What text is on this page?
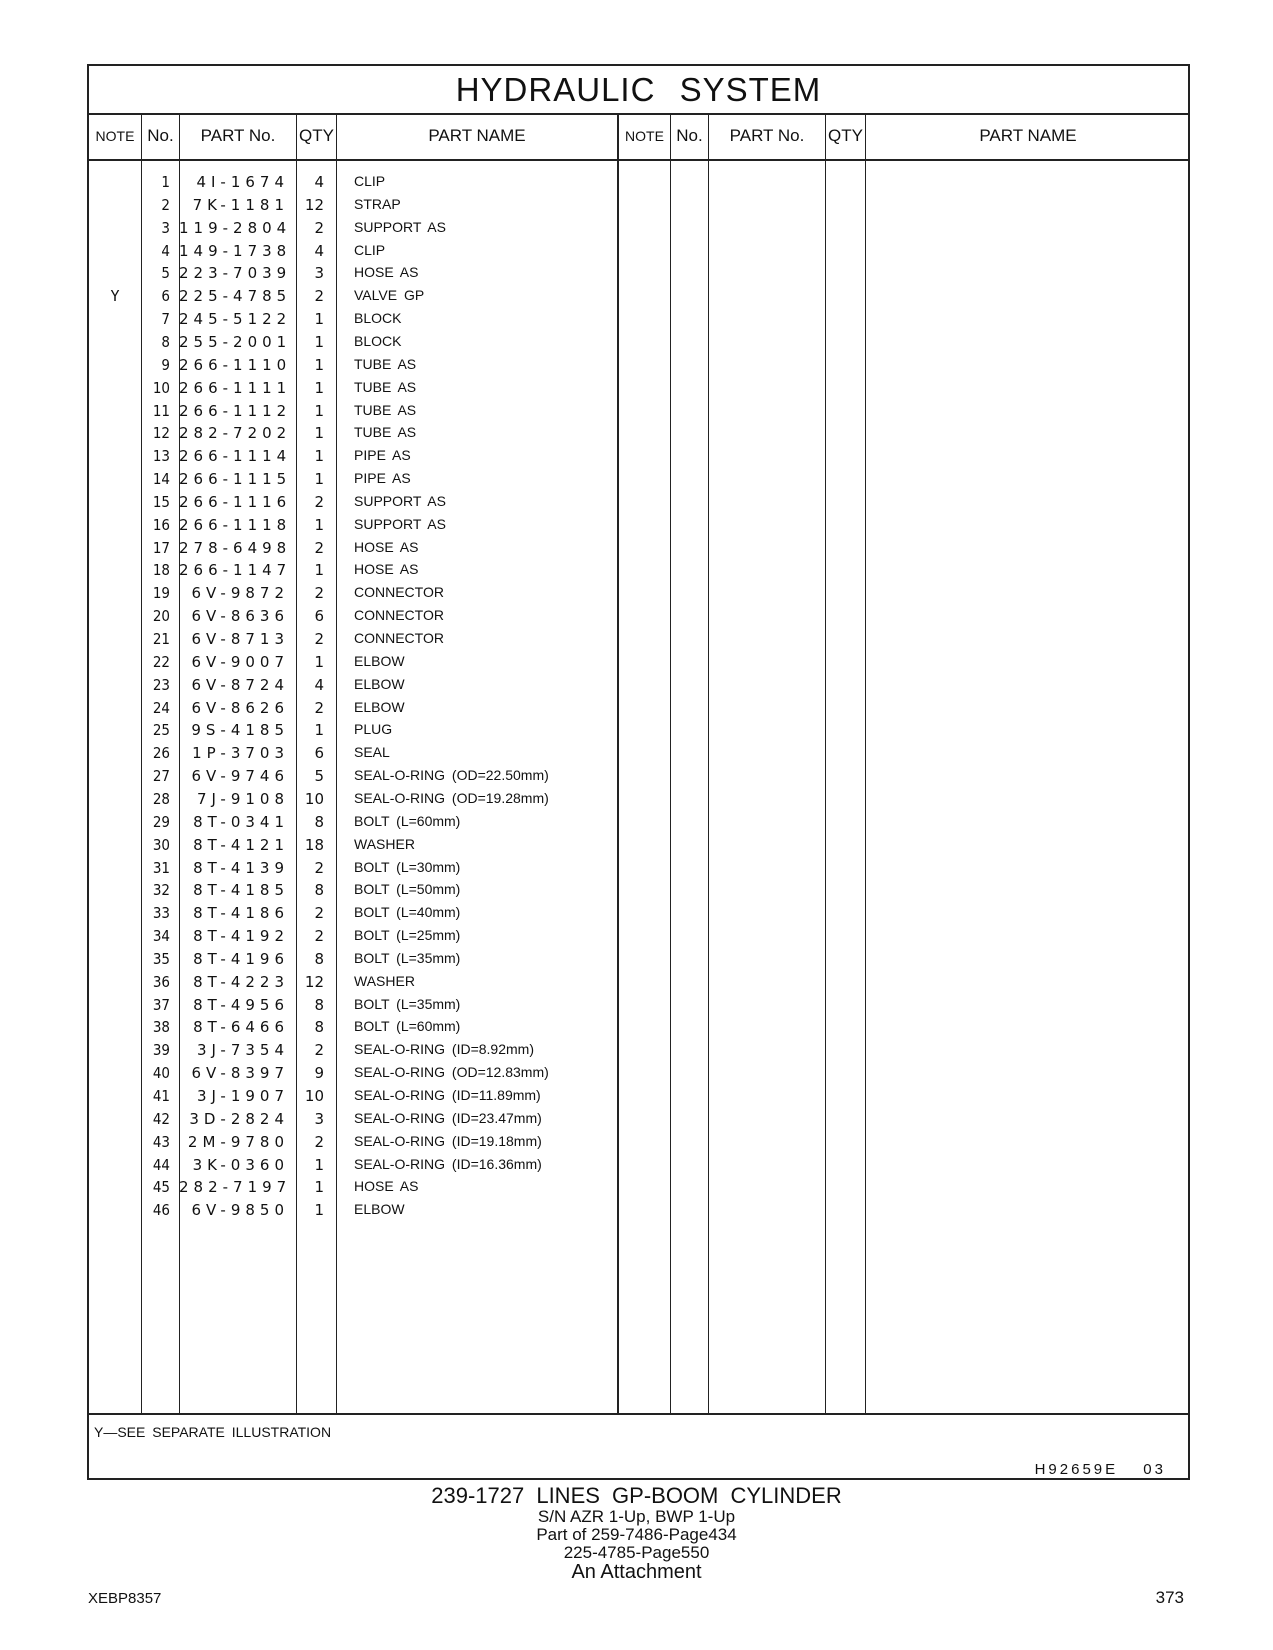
HYDRAULIC SYSTEM
NOTE No.	PART No.	QTY	PART NAME	NOTE No.	PART No.	QTY	PART NAME
1	4I-1674	4 CLIP
2	7K-1181	12 STRAP
3 119-2804	2 SUPPORT AS
4 149-1738	4 CLIP
5 223-7039	3 HOSE AS
Y	6 225-4785	2 VALVE GP
7 245-5122	1 BLOCK
8 255-2001	1 BLOCK
9 266-1110	1 TUBE AS
10 266-1111	1 TUBE AS
11 266-1112	1 TUBE AS
12 282-7202	1 TUBE AS
13 266-1114	1 PIPE AS
14 266-1115	1 PIPE AS
15 266-1116	2 SUPPORT AS
16 266-1118	1 SUPPORT AS
17 278-6498	2 HOSE AS
18 266-1147	1 HOSE AS
19	6V-9872	2 CONNECTOR
20	6V-8636	6 CONNECTOR
21	6V-8713	2 CONNECTOR
22	6V-9007	1 ELBOW
23	6V-8724	4 ELBOW
24	6V-8626	2 ELBOW
25	9S-4185	1 PLUG
26	1P-3703	6 SEAL
27	6V-9746	5 SEAL-O-RING (OD=22.50mm)
28	7J-9108	10 SEAL-O-RING (OD=19.28mm)
29	8T-0341	8 BOLT (L=60mm)
30	8T-4121	18 WASHER
31	8T-4139	2 BOLT (L=30mm)
32	8T-4185	8 BOLT (L=50mm)
33	8T-4186	2 BOLT (L=40mm)
34	8T-4192	2 BOLT (L=25mm)
35	8T-4196	8 BOLT (L=35mm)
36	8T-4223	12 WASHER
37	8T-4956	8 BOLT (L=35mm)
38	8T-6466	8 BOLT (L=60mm)
39	3J-7354	2 SEAL-O-RING (ID=8.92mm)
40	6V-8397	9 SEAL-O-RING (OD=12.83mm)
41	3J-1907	10 SEAL-O-RING (ID=11.89mm)
42	3D-2824	3 SEAL-O-RING (ID=23.47mm)
43	2M-9780	2 SEAL-O-RING (ID=19.18mm)
44	3K-0360	1 SEAL-O-RING (ID=16.36mm)
45 282-7197	1 HOSE AS
46	6V-9850	1 ELBOW
Y—SEE SEPARATE ILLUSTRATION
H92659E 03
239-1727 LINES GP-BOOM CYLINDER
S/N AZR 1-Up, BWP 1-Up
Part of 259-7486-Page434
225-4785-Page550
An Attachment
XEBP8357	373
